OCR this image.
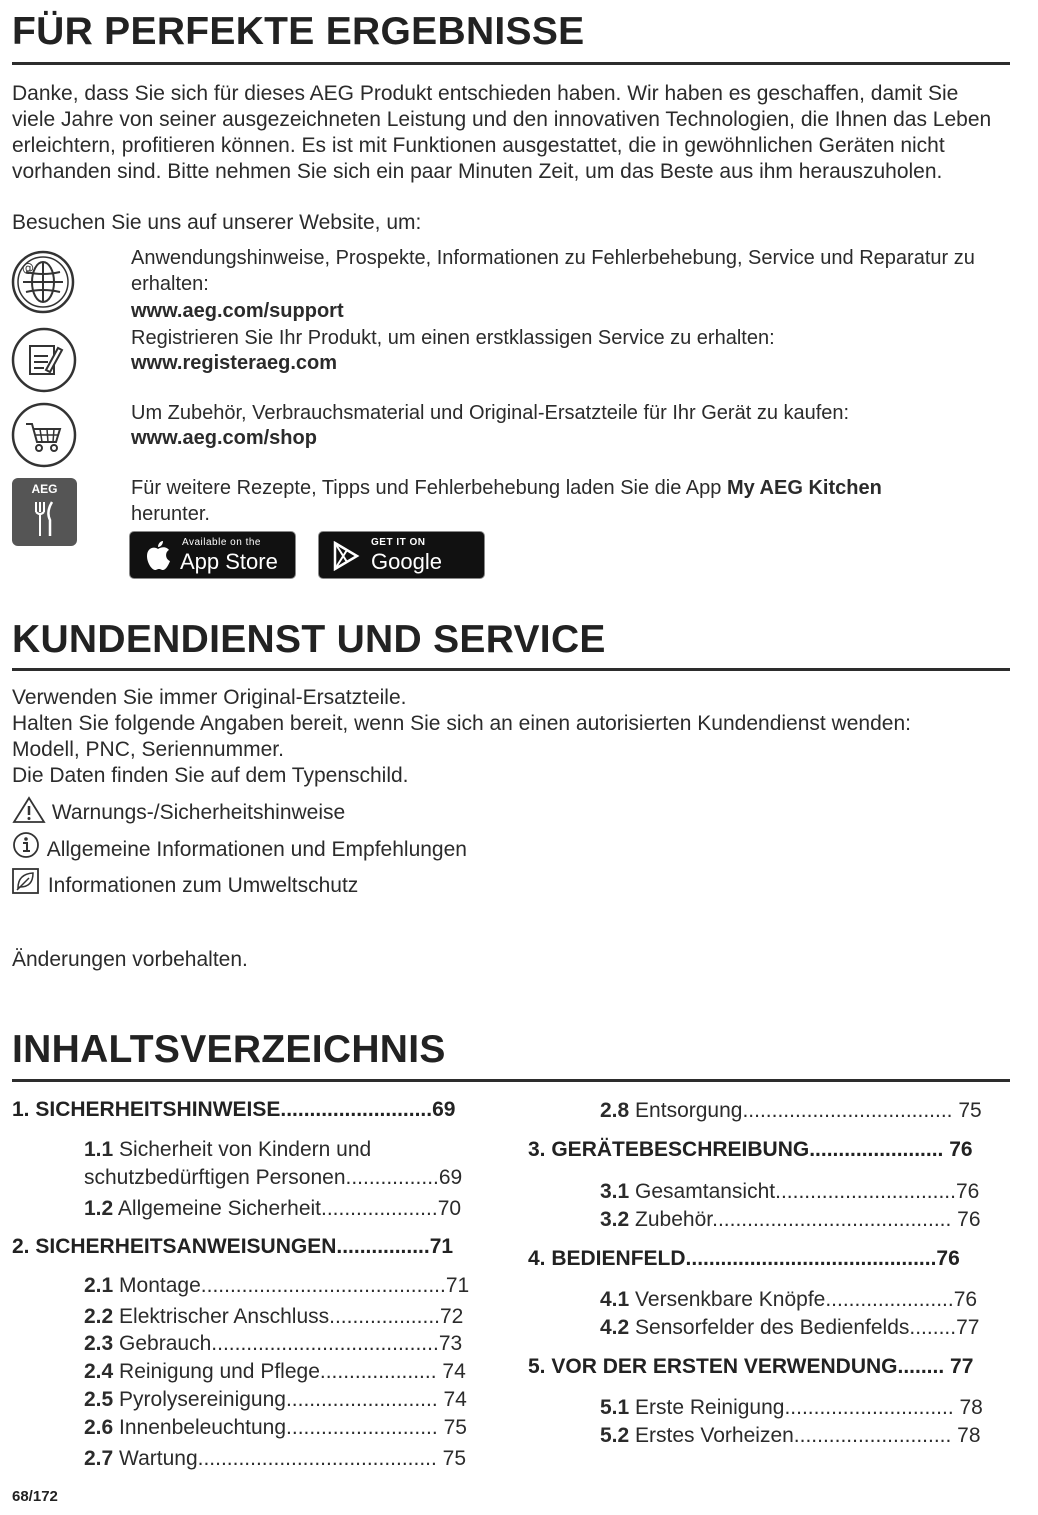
FÜR PERFEKTE ERGEBNISSE
Danke, dass Sie sich für dieses AEG Produkt entschieden haben. Wir haben es geschaffen, damit Sie viele Jahre von seiner ausgezeichneten Leistung und den innovativen Technologien, die Ihnen das Leben erleichtern, profitieren können. Es ist mit Funktionen ausgestattet, die in gewöhnlichen Geräten nicht vorhanden sind. Bitte nehmen Sie sich ein paar Minuten Zeit, um das Beste aus ihm herauszuholen.
Besuchen Sie uns auf unserer Website, um:
@	Anwendungshinweise, Prospekte, Informationen zu Fehlerbehebung, Service und Reparatur zu erhalten:
www.aeg.com/support
Registrieren Sie Ihr Produkt, um einen erstklassigen Service zu erhalten:
www.registeraeg.com
Um Zubehör, Verbrauchsmaterial und Original-Ersatzteile für Ihr Gerät zu kaufen:
www.aeg.com/shop
AEG	Für weitere Rezepte, Tipps und Fehlerbehebung laden Sie die App My AEG Kitchen
herunter.
Available on the
App Store
GET IT ON
Google Play
KUNDENDIENST UND SERVICE
Verwenden Sie immer Original-Ersatzteile.
Halten Sie folgende Angaben bereit, wenn Sie sich an einen autorisierten Kundendienst wenden: Modell, PNC, Seriennummer.
Die Daten finden Sie auf dem Typenschild.
Warnungs-/Sicherheitshinweise
Allgemeine Informationen und Empfehlungen
Informationen zum Umweltschutz
Änderungen vorbehalten.
INHALTSVERZEICHNIS
1. SICHERHEITSHINWEISE..........................69
1.1 Sicherheit von Kindern und
schutzbedürftigen Personen................69
1.2 Allgemeine Sicherheit....................70
2. SICHERHEITSANWEISUNGEN................71
2.1 Montage..........................................71
2.2 Elektrischer Anschluss...................72
2.3 Gebrauch.......................................73
2.4 Reinigung und Pflege.................... 74
2.5 Pyrolysereinigung.......................... 74
2.6 Innenbeleuchtung.......................... 75
2.7 Wartung......................................... 75
2.8 Entsorgung.................................... 75
3. GERÄTEBESCHREIBUNG....................... 76
3.1 Gesamtansicht...............................76
3.2 Zubehör......................................... 76
4. BEDIENFELD...........................................76
4.1 Versenkbare Knöpfe......................76
4.2 Sensorfelder des Bedienfelds........77
5. VOR DER ERSTEN VERWENDUNG........ 77
5.1 Erste Reinigung............................. 78
5.2 Erstes Vorheizen........................... 78
68/172
